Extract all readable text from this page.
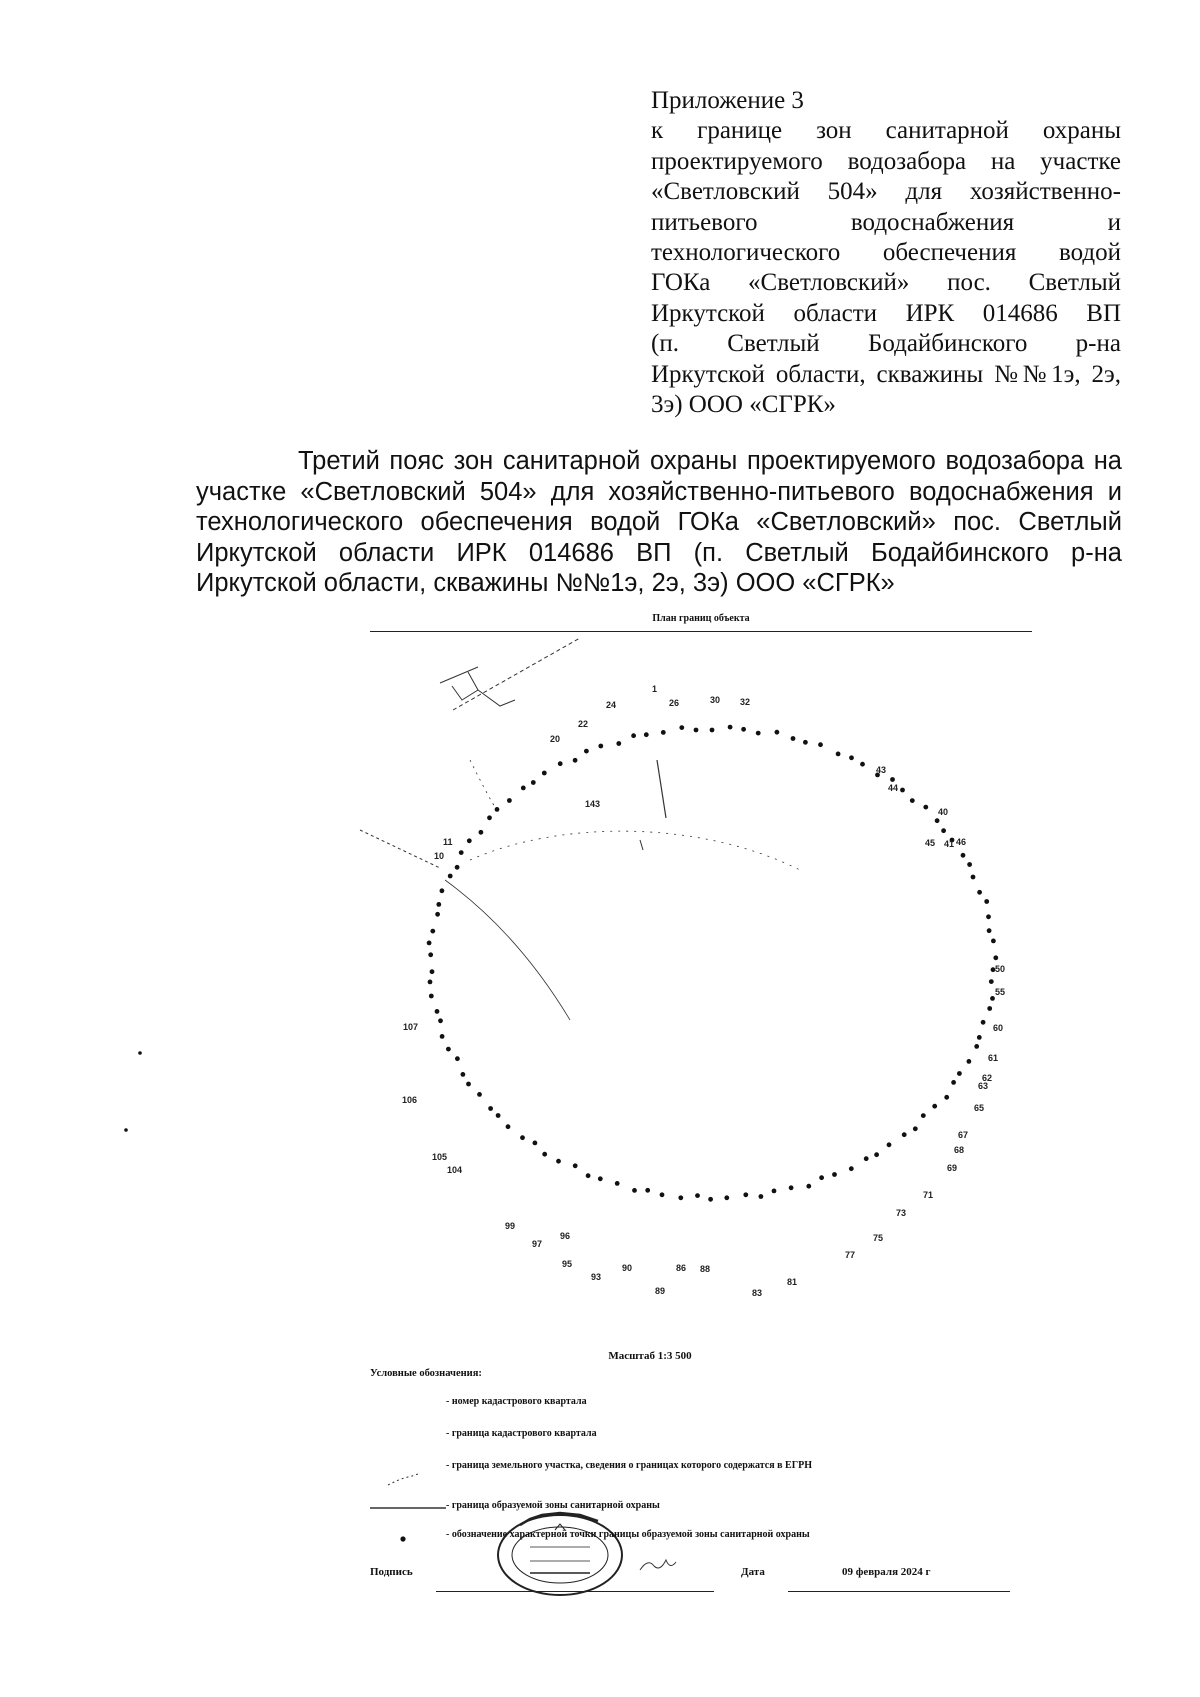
Приложение 3
к границе зон санитарной охраны
проектируемого водозабора на участке
«Светловский 504» для хозяйственно-
питьевого водоснабжения и
технологического обеспечения водой
ГОКа «Светловский» пос. Светлый
Иркутской области ИРК 014686 ВП
(п. Светлый Бодайбинского р-на
Иркутской области, скважины №№1э, 2э,
3э) ООО «СГРК»
Третий пояс зон санитарной охраны проектируемого водозабора на
участке «Светловский 504» для хозяйственно-питьевого водоснабжения и
технологического обеспечения водой ГОКа «Светловский» пос. Светлый
Иркутской области ИРК 014686 ВП (п. Светлый Бодайбинского р-на
Иркутской области, скважины №№1э, 2э, 3э) ООО «СГРК»
План границ объекта
1
10
11
20
22
24	26	30 32
40
41
43
44
45 46
50
55
60
61
62
63
65
67
68
69
71
73
75
77
81
83
86 88
89
90
93
95
96
97
99
104
105
106
107
143
Масштаб 1:3 500
Условные обозначения:
- номер кадастрового квартала
- граница кадастрового квартала
- граница земельного участка, сведения о границах которого содержатся в ЕГРН
- граница образуемой зоны санитарной охраны
- обозначение характерной точки границы образуемой зоны санитарной охраны
Подпись	Дата	09 февраля 2024 г
